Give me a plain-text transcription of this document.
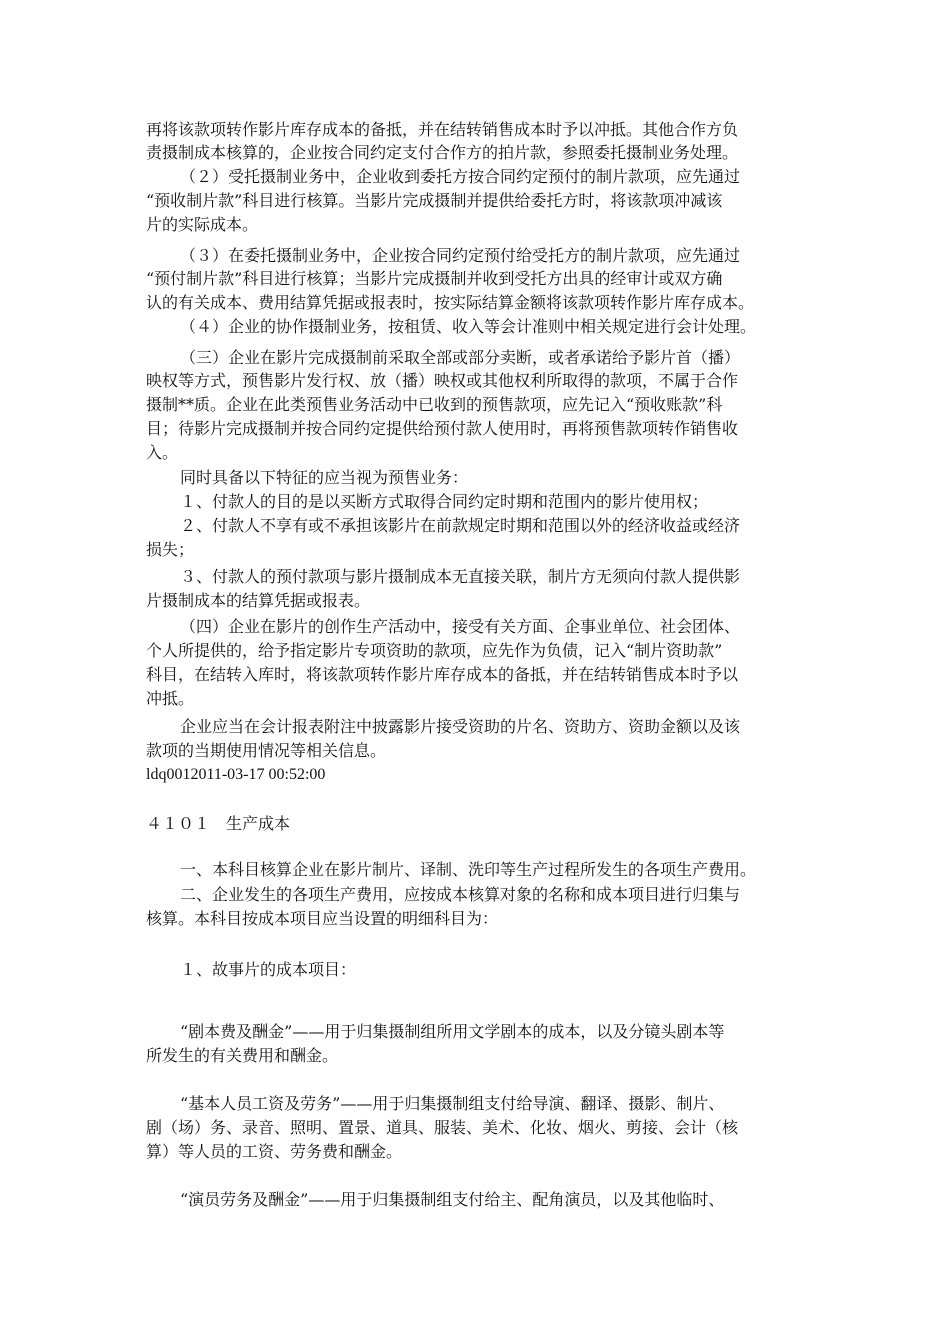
再将该款项转作影片库存成本的备抵，并在结转销售成本时予以冲抵。其他合作方负
责摄制成本核算的，企业按合同约定支付合作方的拍片款，参照委托摄制业务处理。
（２）受托摄制业务中，企业收到委托方按合同约定预付的制片款项，应先通过
“预收制片款”科目进行核算。当影片完成摄制并提供给委托方时，将该款项冲减该
片的实际成本。
（３）在委托摄制业务中，企业按合同约定预付给受托方的制片款项，应先通过
“预付制片款”科目进行核算；当影片完成摄制并收到受托方出具的经审计或双方确
认的有关成本、费用结算凭据或报表时，按实际结算金额将该款项转作影片库存成本。
（４）企业的协作摄制业务，按租赁、收入等会计准则中相关规定进行会计处理。
（三）企业在影片完成摄制前采取全部或部分卖断，或者承诺给予影片首（播）
映权等方式，预售影片发行权、放（播）映权或其他权利所取得的款项，不属于合作
摄制**质。企业在此类预售业务活动中已收到的预售款项，应先记入“预收账款”科
目；待影片完成摄制并按合同约定提供给预付款人使用时，再将预售款项转作销售收
入。
同时具备以下特征的应当视为预售业务：
１、付款人的目的是以买断方式取得合同约定时期和范围内的影片使用权；
２、付款人不享有或不承担该影片在前款规定时期和范围以外的经济收益或经济
损失；
３、付款人的预付款项与影片摄制成本无直接关联，制片方无须向付款人提供影
片摄制成本的结算凭据或报表。
（四）企业在影片的创作生产活动中，接受有关方面、企事业单位、社会团体、
个人所提供的，给予指定影片专项资助的款项，应先作为负债，记入“制片资助款”
科目，在结转入库时，将该款项转作影片库存成本的备抵，并在结转销售成本时予以
冲抵。
企业应当在会计报表附注中披露影片接受资助的片名、资助方、资助金额以及该
款项的当期使用情况等相关信息。
ldq0012011-03-17 00:52:00
４１０１　生产成本
一、本科目核算企业在影片制片、译制、洗印等生产过程所发生的各项生产费用。
二、企业发生的各项生产费用，应按成本核算对象的名称和成本项目进行归集与
核算。本科目按成本项目应当设置的明细科目为：
１、故事片的成本项目：
“剧本费及酬金”——用于归集摄制组所用文学剧本的成本，以及分镜头剧本等
所发生的有关费用和酬金。
“基本人员工资及劳务”——用于归集摄制组支付给导演、翻译、摄影、制片、
剧（场）务、录音、照明、置景、道具、服装、美术、化妆、烟火、剪接、会计（核
算）等人员的工资、劳务费和酬金。
“演员劳务及酬金”——用于归集摄制组支付给主、配角演员，以及其他临时、
